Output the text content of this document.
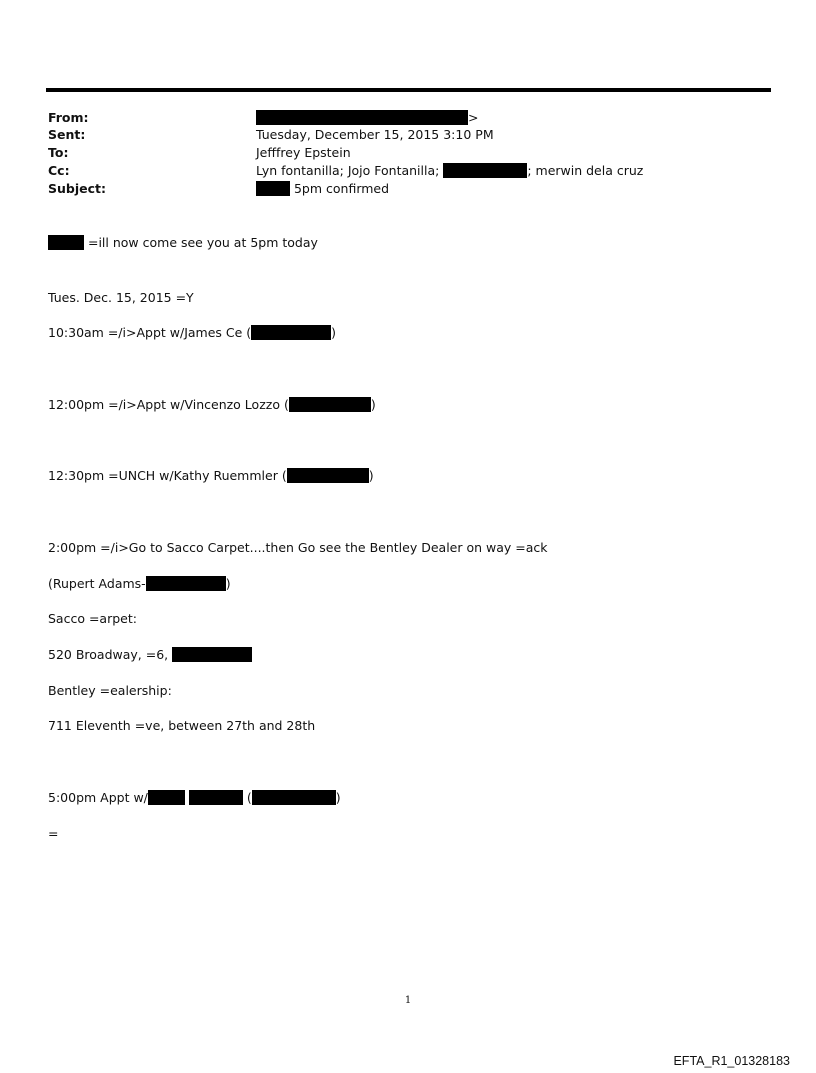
From:	>
Sent:	Tuesday, December 15, 2015 3:10 PM
To:	Jefffrey Epstein
Cc:	Lyn fontanilla; Jojo Fontanilla;	; merwin dela cruz
Subject:	5pm confirmed
=ill now come see you at 5pm today
Tues. Dec. 15, 2015 =Y
10:30am =/i>Appt w/James Ce (	)
12:00pm =/i>Appt w/Vincenzo Lozzo (	)
12:30pm =UNCH w/Kathy Ruemmler (	)
2:00pm =/i>Go to Sacco Carpet....then Go see the Bentley Dealer on way =ack
(Rupert Adams-	)
Sacco =arpet:
520 Broadway, =6,
Bentley =ealership:
711 Eleventh =ve, between 27th and 28th
5:00pm Appt w/	(	)
=
1
EFTA_R1_01328183
